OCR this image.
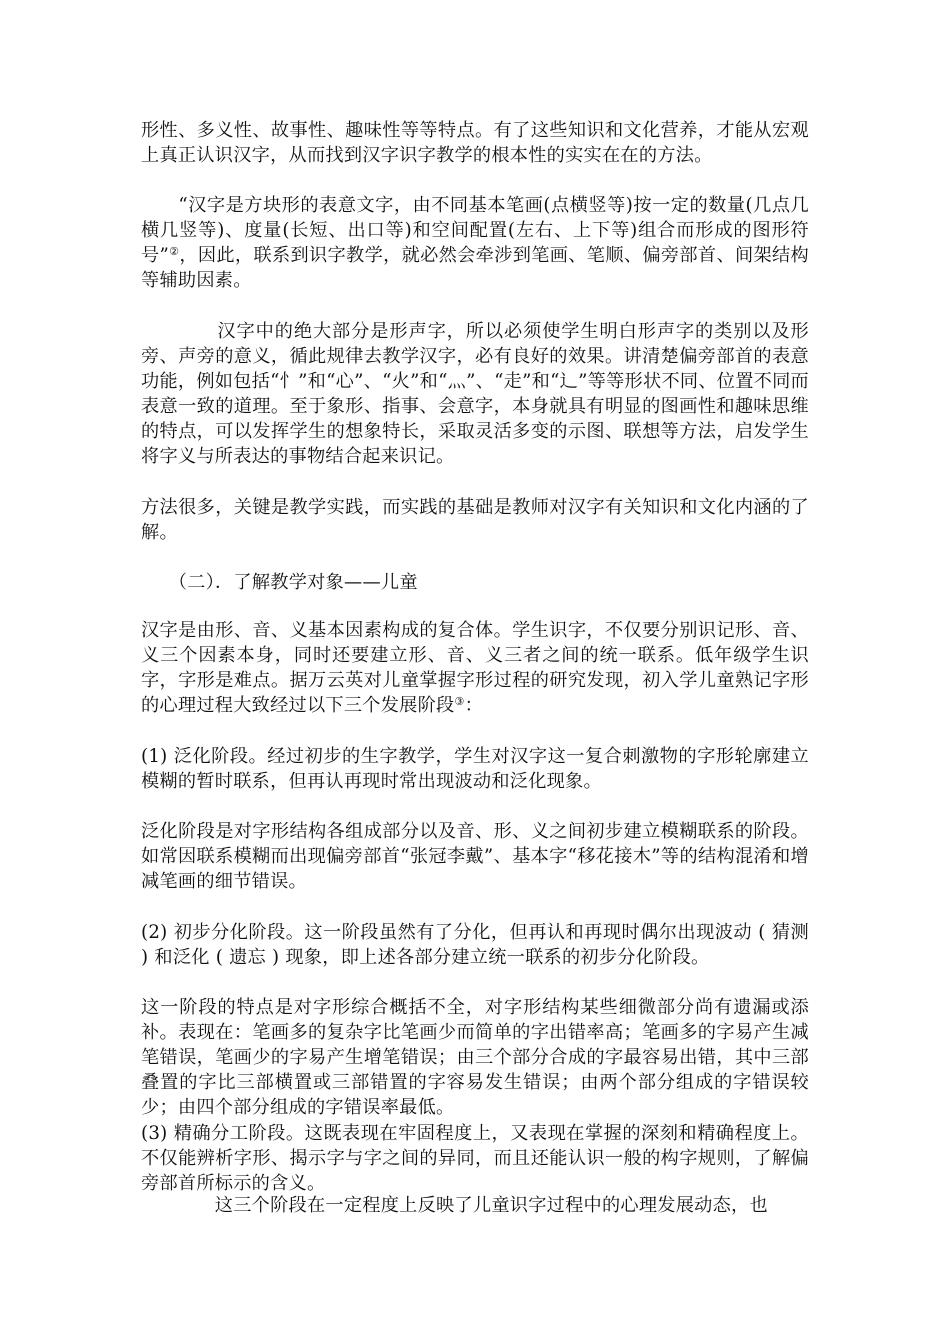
形性、多义性、故事性、趣味性等等特点。有了这些知识和文化营养，才能从宏观上真正认识汉字，从而找到汉字识字教学的根本性的实实在在的方法。

　　“汉字是方块形的表意文字，由不同基本笔画(点横竖等)按一定的数量(几点几横几竖等)、度量(长短、出口等)和空间配置(左右、上下等)组合而形成的图形符号”②，因此，联系到识字教学，就必然会牵涉到笔画、笔顺、偏旁部首、间架结构等辅助因素。

　　　　汉字中的绝大部分是形声字，所以必须使学生明白形声字的类别以及形旁、声旁的意义，循此规律去教学汉字，必有良好的效果。讲清楚偏旁部首的表意功能，例如包括“忄”和“心”、“火”和“灬”、“走”和“辶”等等形状不同、位置不同而表意一致的道理。至于象形、指事、会意字，本身就具有明显的图画性和趣味思维的特点，可以发挥学生的想象特长，采取灵活多变的示图、联想等方法，启发学生将字义与所表达的事物结合起来识记。

方法很多，关键是教学实践，而实践的基础是教师对汉字有关知识和文化内涵的了解。

　　（二）．了解教学对象——儿童

汉字是由形、音、义基本因素构成的复合体。学生识字，不仅要分别识记形、音、义三个因素本身，同时还要建立形、音、义三者之间的统一联系。低年级学生识字，字形是难点。据万云英对儿童掌握字形过程的研究发现，初入学儿童熟记字形的心理过程大致经过以下三个发展阶段③：

(1) 泛化阶段。经过初步的生字教学，学生对汉字这一复合刺激物的字形轮廓建立模糊的暂时联系，但再认再现时常出现波动和泛化现象。

泛化阶段是对字形结构各组成部分以及音、形、义之间初步建立模糊联系的阶段。如常因联系模糊而出现偏旁部首“张冠李戴”、基本字“移花接木”等的结构混淆和增减笔画的细节错误。

(2) 初步分化阶段。这一阶段虽然有了分化，但再认和再现时偶尔出现波动 ( 猜测 ) 和泛化 ( 遗忘 ) 现象，即上述各部分建立统一联系的初步分化阶段。

这一阶段的特点是对字形综合概括不全，对字形结构某些细微部分尚有遗漏或添补。表现在：笔画多的复杂字比笔画少而简单的字出错率高；笔画多的字易产生减笔错误，笔画少的字易产生增笔错误；由三个部分合成的字最容易出错，其中三部叠置的字比三部横置或三部错置的字容易发生错误；由两个部分组成的字错误较少；由四个部分组成的字错误率最低。

(3) 精确分工阶段。这既表现在牢固程度上，又表现在掌握的深刻和精确程度上。不仅能辨析字形、揭示字与字之间的异同，而且还能认识一般的构字规则，了解偏旁部首所标示的含义。

　　　　这三个阶段在一定程度上反映了儿童识字过程中的心理发展动态，也
